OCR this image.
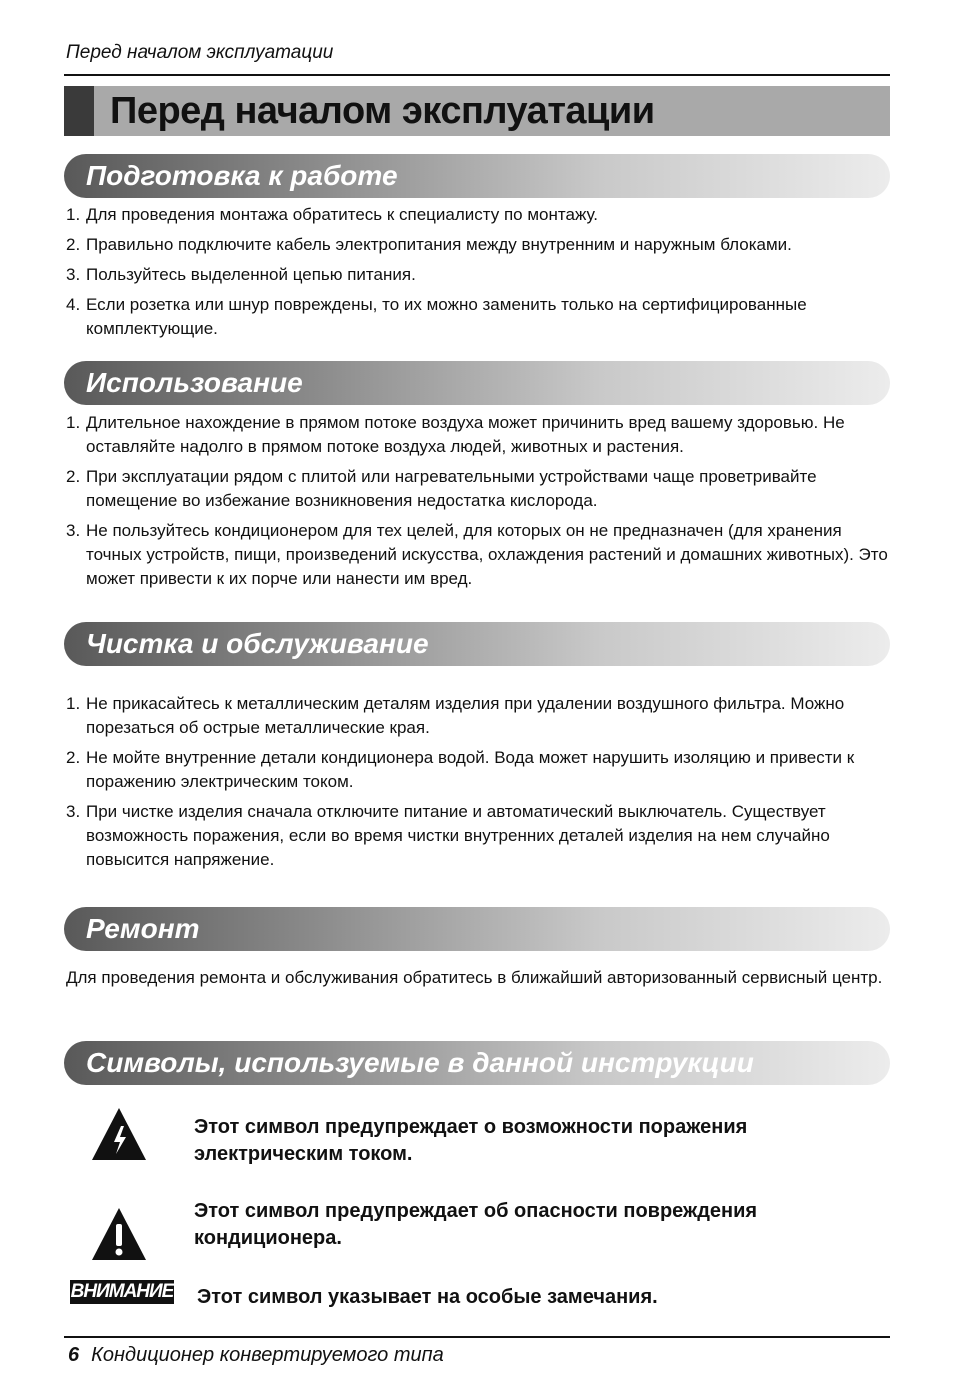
Перед началом эксплуатации
Перед началом эксплуатации
Подготовка к работе
1. Для проведения монтажа обратитесь к специалисту по монтажу.
2. Правильно подключите кабель электропитания между внутренним и наружным блоками.
3. Пользуйтесь выделенной цепью питания.
4. Если розетка или шнур повреждены, то их можно заменить только на сертифицированные комплектующие.
Использование
1. Длительное нахождение в прямом потоке воздуха может причинить вред вашему здоровью. Не оставляйте надолго в прямом потоке воздуха людей, животных и растения.
2. При эксплуатации рядом с плитой или нагревательными устройствами чаще проветривайте помещение во избежание возникновения недостатка кислорода.
3. Не пользуйтесь кондиционером для тех целей, для которых он не предназначен (для хранения точных устройств, пищи, произведений искусства, охлаждения растений и домашних животных). Это может привести к их порче или нанести им вред.
Чистка и обслуживание
1. Не прикасайтесь к металлическим деталям изделия при удалении воздушного фильтра. Можно порезаться об острые металлические края.
2. Не мойте внутренние детали кондиционера водой. Вода может нарушить изоляцию и привести к поражению электрическим током.
3. При чистке изделия сначала отключите питание и автоматический выключатель. Существует возможность поражения, если во время чистки внутренних деталей изделия на нем случайно повысится напряжение.
Ремонт
Для проведения ремонта и обслуживания обратитесь в ближайший авторизованный сервисный центр.
Символы, используемые в данной инструкции
Этот символ предупреждает о возможности поражения электрическим током.
Этот символ предупреждает об опасности повреждения кондиционера.
ВНИМАНИЕ Этот символ указывает на особые замечания.
6 Кондиционер конвертируемого типа
